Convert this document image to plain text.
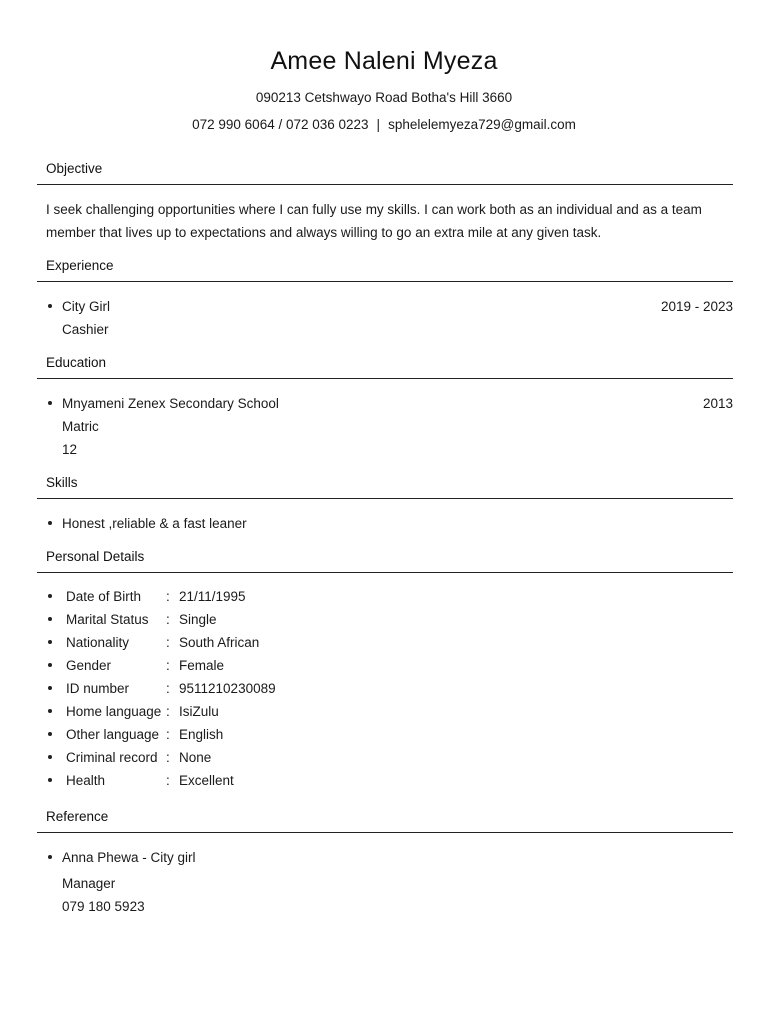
Amee Naleni Myeza
090213 Cetshwayo Road Botha's Hill 3660
072 990 6064 / 072 036 0223 | sphelelemyeza729@gmail.com
Objective
I seek challenging opportunities where I can fully use my skills. I can work both as an individual and as a team member that lives up to expectations and always willing to go an extra mile at any given task.
Experience
City Girl	2019 - 2023
Cashier
Education
Mnyameni Zenex Secondary School	2013
Matric
12
Skills
Honest ,reliable & a fast leaner
Personal Details
Date of Birth	: 21/11/1995
Marital Status	: Single
Nationality	: South African
Gender	: Female
ID number	: 9511210230089
Home language : IsiZulu
Other language : English
Criminal record : None
Health	: Excellent
Reference
Anna Phewa - City girl
Manager
079 180 5923
